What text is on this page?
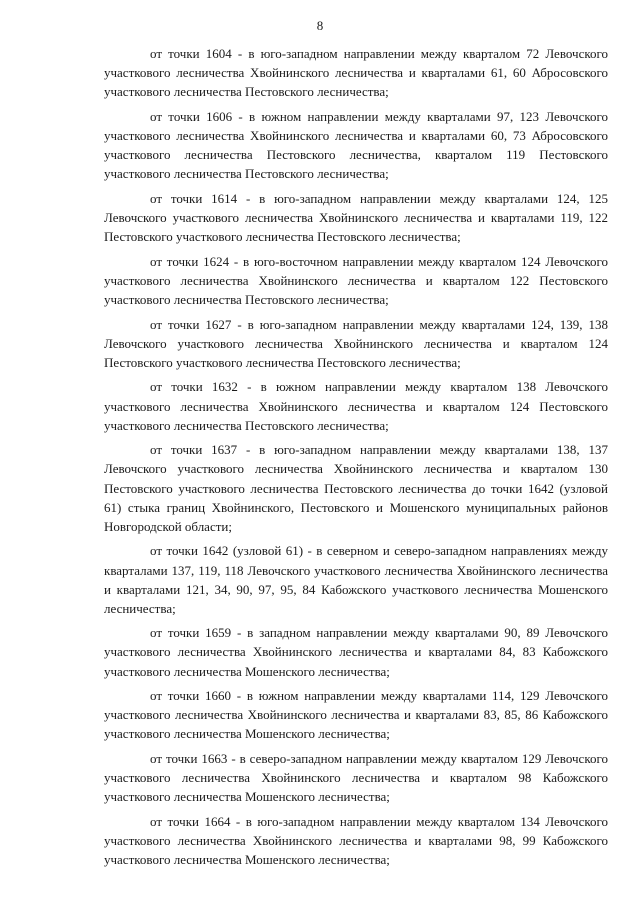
8

от точки 1604 - в юго-западном направлении между кварталом 72 Левочского участкового лесничества Хвойнинского лесничества и кварталами 61, 60 Абросовского участкового лесничества Пестовского лесничества;

от точки 1606 - в южном направлении между кварталами 97, 123 Левочского участкового лесничества Хвойнинского лесничества и кварталами 60, 73 Абросовского участкового лесничества Пестовского лесничества, кварталом 119 Пестовского участкового лесничества Пестовского лесничества;

от точки 1614 - в юго-западном направлении между кварталами 124, 125 Левочского участкового лесничества Хвойнинского лесничества и кварталами 119, 122 Пестовского участкового лесничества Пестовского лесничества;

от точки 1624 - в юго-восточном направлении между кварталом 124 Левочского участкового лесничества Хвойнинского лесничества и кварталом 122 Пестовского участкового лесничества Пестовского лесничества;

от точки 1627 - в юго-западном направлении между кварталами 124, 139, 138 Левочского участкового лесничества Хвойнинского лесничества и кварталом 124 Пестовского участкового лесничества Пестовского лесничества;

от точки 1632 - в южном направлении между кварталом 138 Левочского участкового лесничества Хвойнинского лесничества и кварталом 124 Пестовского участкового лесничества Пестовского лесничества;

от точки 1637 - в юго-западном направлении между кварталами 138, 137 Левочского участкового лесничества Хвойнинского лесничества и кварталом 130 Пестовского участкового лесничества Пестовского лесничества до точки 1642 (узловой 61) стыка границ Хвойнинского, Пестовского и Мошенского муниципальных районов Новгородской области;

от точки 1642 (узловой 61) - в северном и северо-западном направлениях между кварталами 137, 119, 118 Левочского участкового лесничества Хвойнинского лесничества и кварталами 121, 34, 90, 97, 95, 84 Кабожского участкового лесничества Мошенского лесничества;

от точки 1659 - в западном направлении между кварталами 90, 89 Левочского участкового лесничества Хвойнинского лесничества и кварталами 84, 83 Кабожского участкового лесничества Мошенского лесничества;

от точки 1660 - в южном направлении между кварталами 114, 129 Левочского участкового лесничества Хвойнинского лесничества и кварталами 83, 85, 86 Кабожского участкового лесничества Мошенского лесничества;

от точки 1663 - в северо-западном направлении между кварталом 129 Левочского участкового лесничества Хвойнинского лесничества и кварталом 98 Кабожского участкового лесничества Мошенского лесничества;

от точки 1664 - в юго-западном направлении между кварталом 134 Левочского участкового лесничества Хвойнинского лесничества и кварталами 98, 99 Кабожского участкового лесничества Мошенского лесничества;
